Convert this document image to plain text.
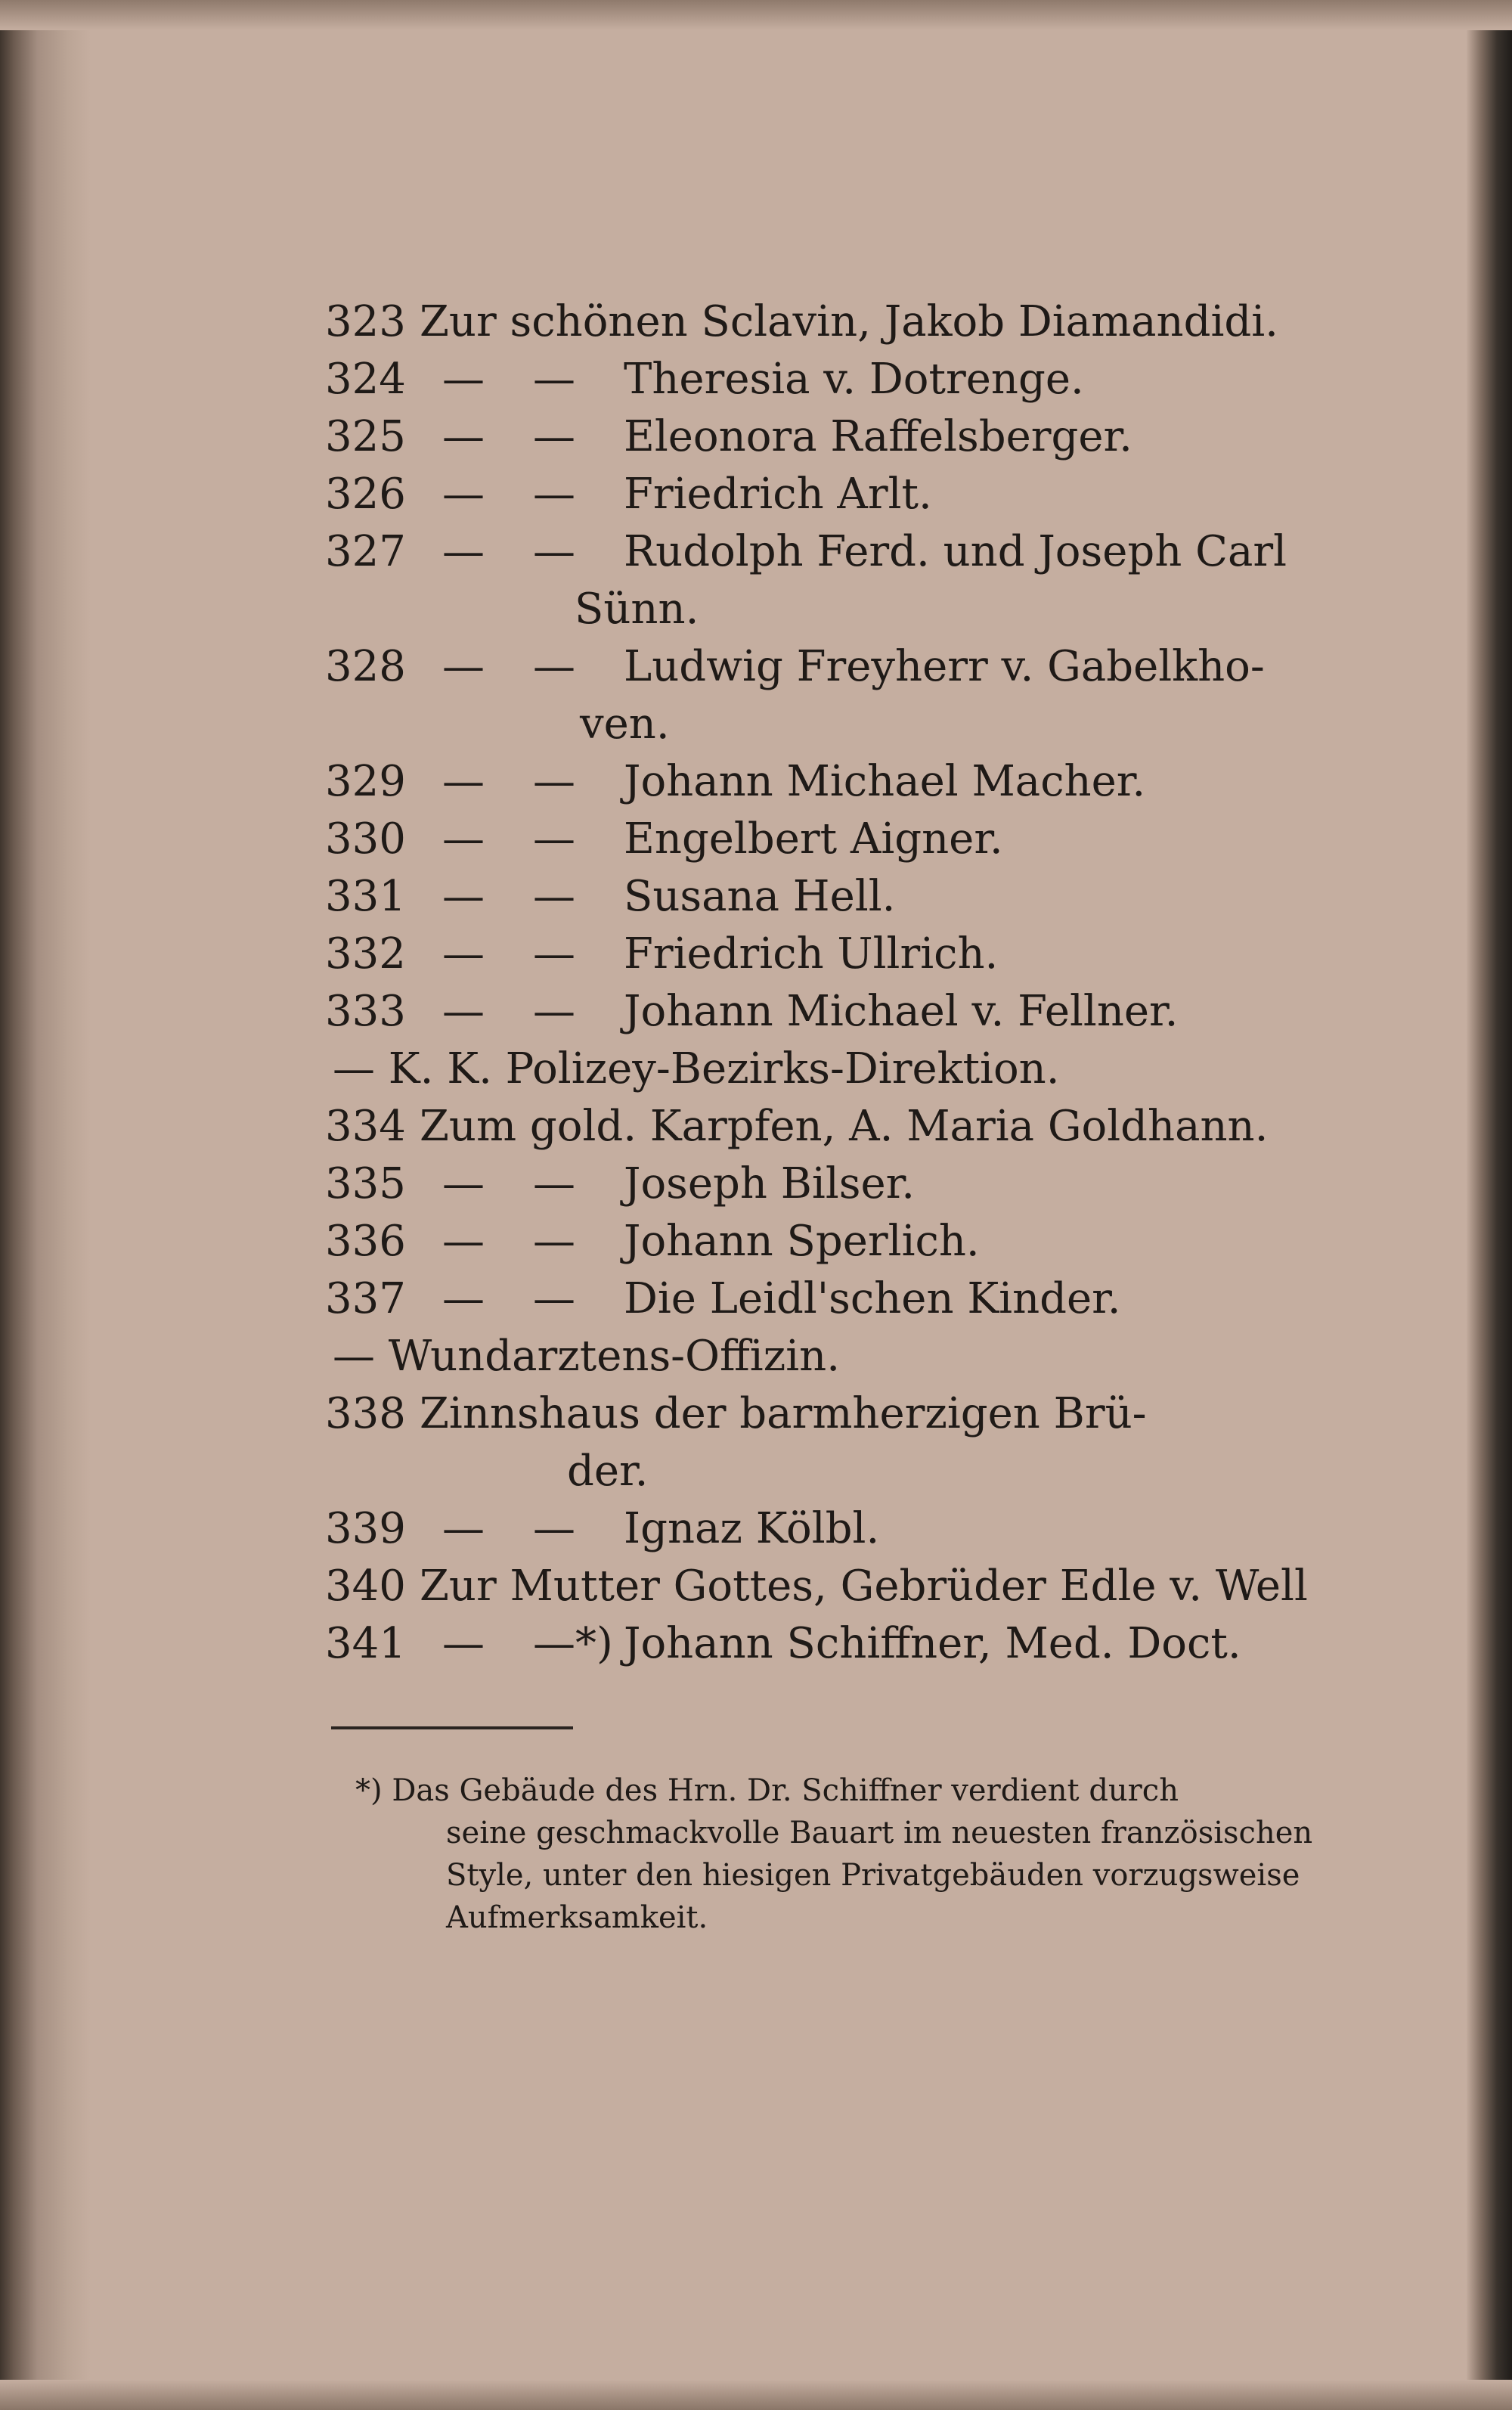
323 Zur schönen Sclavin, Jakob Diamandidi.
324 — — Theresia v. Dotrenge.
325 — — Eleonora Raffelsberger.
326 — — Friedrich Arlt.
327 — — Rudolph Ferd. und Joseph Carl
Sünn.
328 — — Ludwig Freyherr v. Gabelkho-
ven.
329 — — Johann Michael Macher.
330 — — Engelbert Aigner.
331 — — Susana Hell.
332 — — Friedrich Ullrich.
333 — — Johann Michael v. Fellner.
— K. K. Polizey-Bezirks-Direktion.
334 Zum gold. Karpfen, A. Maria Goldhann.
335 — — Joseph Bilser.
336 — — Johann Sperlich.
337 — — Die Leidl'schen Kinder.
— Wundarztens-Offizin.
338 Zinnshaus der barmherzigen Brü-
der.
339 — — Ignaz Kölbl.
340 Zur Mutter Gottes, Gebrüder Edle v. Well
341 — —*) Johann Schiffner, Med. Doct.
*) Das Gebäude des Hrn. Dr. Schiffner verdient durch
seine geschmackvolle Bauart im neuesten französischen
Style, unter den hiesigen Privatgebäuden vorzugsweise
Aufmerksamkeit.
